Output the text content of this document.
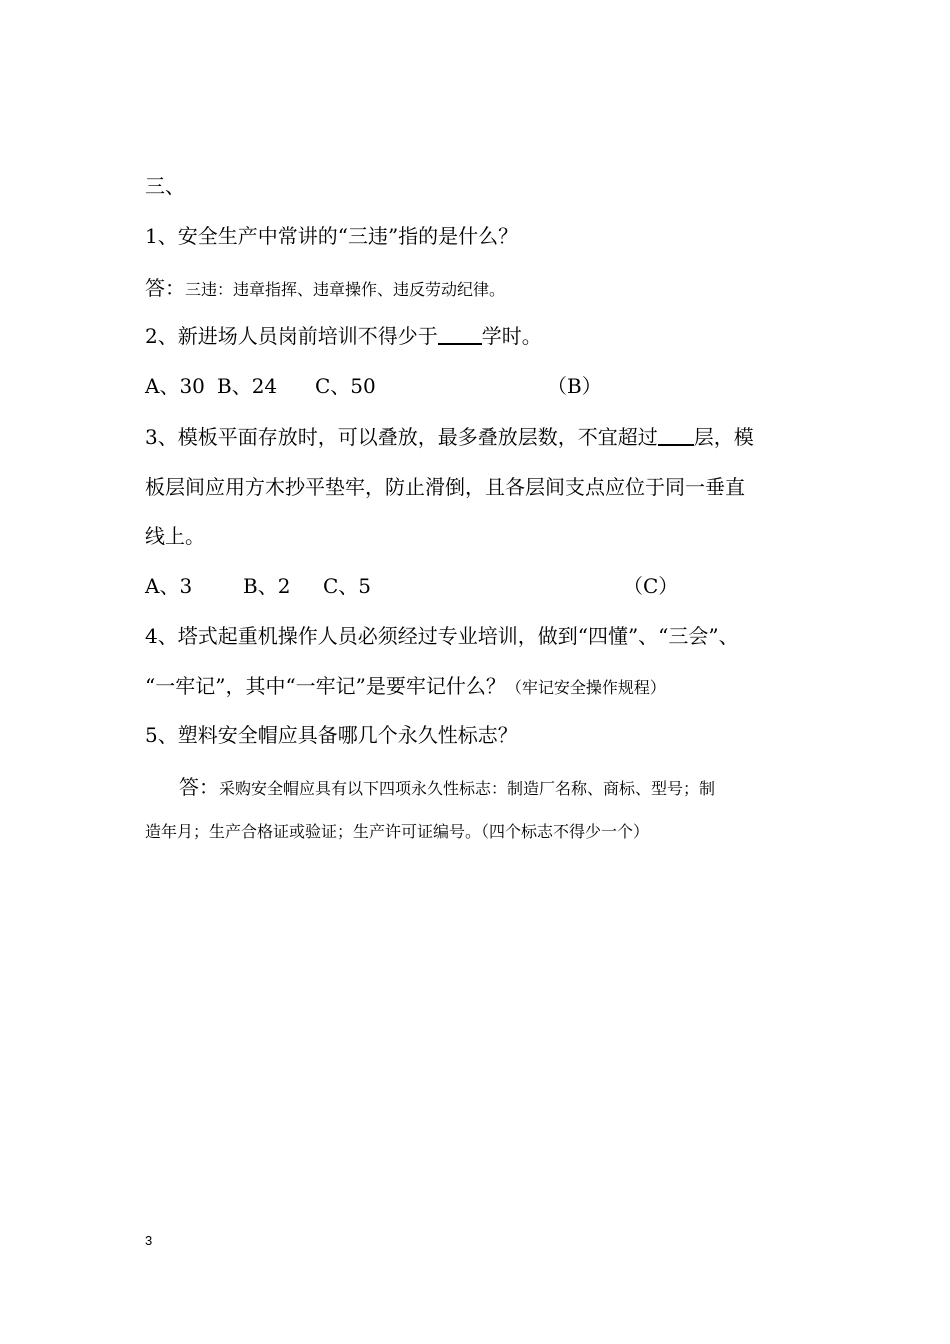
三、
1、安全生产中常讲的“三违”指的是什么？
答：三违：违章指挥、违章操作、违反劳动纪律。
2、新进场人员岗前培训不得少于 学时。
A、30 B、24 C、50	（B）
3、模板平面存放时，可以叠放，最多叠放层数，不宜超过 层，模
板层间应用方木抄平垫牢，防止滑倒，且各层间支点应位于同一垂直
线上。
A、3	B、2 C、5	（C）
4、塔式起重机操作人员必须经过专业培训，做到“四懂”、“三会”、
“一牢记”，其中“一牢记”是要牢记什么？（牢记安全操作规程）
5、塑料安全帽应具备哪几个永久性标志？
答：采购安全帽应具有以下四项永久性标志：制造厂名称、商标、型号；制
造年月；生产合格证或验证；生产许可证编号。（四个标志不得少一个）
3
